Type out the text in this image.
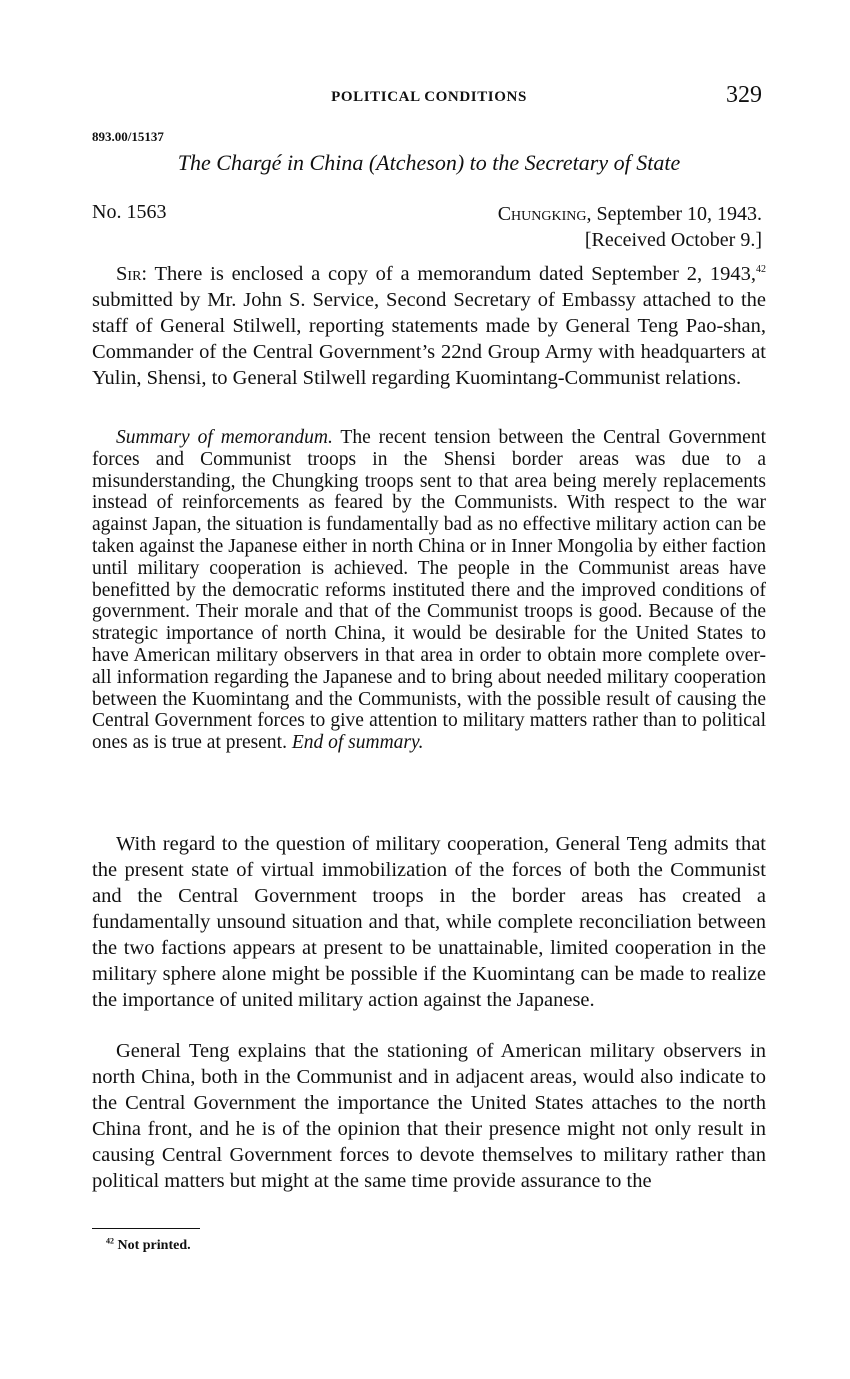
POLITICAL CONDITIONS	329
893.00/15137
The Chargé in China (Atcheson) to the Secretary of State
No. 1563	Chungking, September 10, 1943.
[Received October 9.]
Sir: There is enclosed a copy of a memorandum dated September 2, 1943,42 submitted by Mr. John S. Service, Second Secretary of Embassy attached to the staff of General Stilwell, reporting statements made by General Teng Pao-shan, Commander of the Central Government’s 22nd Group Army with headquarters at Yulin, Shensi, to General Stilwell regarding Kuomintang-Communist relations.
Summary of memorandum. The recent tension between the Central Government forces and Communist troops in the Shensi border areas was due to a misunderstanding, the Chungking troops sent to that area being merely replacements instead of reinforcements as feared by the Communists. With respect to the war against Japan, the situation is fundamentally bad as no effective military action can be taken against the Japanese either in north China or in Inner Mongolia by either faction until military cooperation is achieved. The people in the Communist areas have benefitted by the democratic reforms instituted there and the improved conditions of government. Their morale and that of the Communist troops is good. Because of the strategic importance of north China, it would be desirable for the United States to have American military observers in that area in order to obtain more complete over-all information regarding the Japanese and to bring about needed military cooperation between the Kuomintang and the Communists, with the possible result of causing the Central Government forces to give attention to military matters rather than to political ones as is true at present. End of summary.
With regard to the question of military cooperation, General Teng admits that the present state of virtual immobilization of the forces of both the Communist and the Central Government troops in the border areas has created a fundamentally unsound situation and that, while complete reconciliation between the two factions appears at present to be unattainable, limited cooperation in the military sphere alone might be possible if the Kuomintang can be made to realize the importance of united military action against the Japanese.
General Teng explains that the stationing of American military observers in north China, both in the Communist and in adjacent areas, would also indicate to the Central Government the importance the United States attaches to the north China front, and he is of the opinion that their presence might not only result in causing Central Government forces to devote themselves to military rather than political matters but might at the same time provide assurance to the
$^{42}$ Not printed.
